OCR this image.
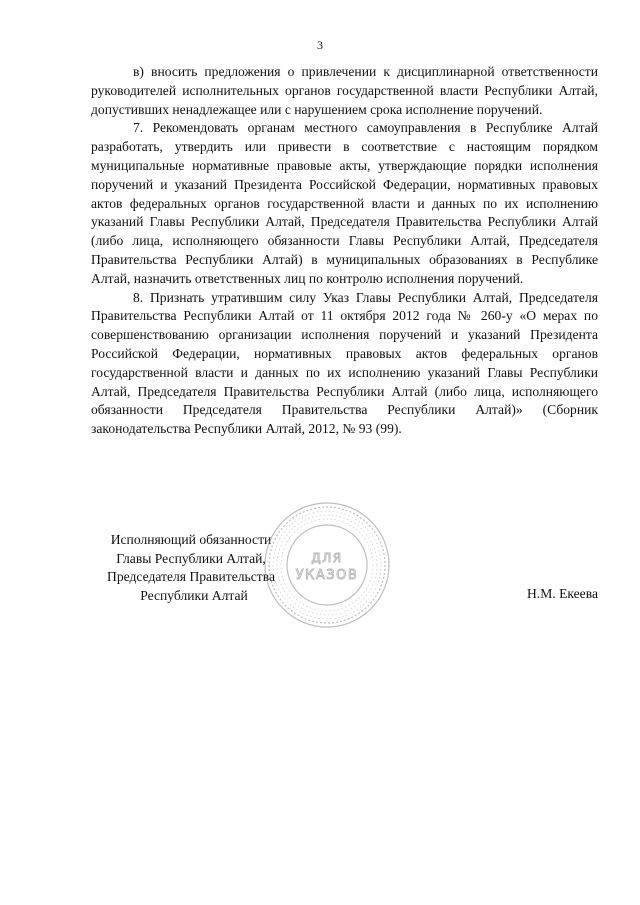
3

в) вносить предложения о привлечении к дисциплинарной ответственности руководителей исполнительных органов государственной власти Республики Алтай, допустивших ненадлежащее или с нарушением срока исполнение поручений.

7. Рекомендовать органам местного самоуправления в Республике Алтай разработать, утвердить или привести в соответствие с настоящим порядком муниципальные нормативные правовые акты, утверждающие порядки исполнения поручений и указаний Президента Российской Федерации, нормативных правовых актов федеральных органов государственной власти и данных по их исполнению указаний Главы Республики Алтай, Председателя Правительства Республики Алтай (либо лица, исполняющего обязанности Главы Республики Алтай, Председателя Правительства Республики Алтай) в муниципальных образованиях в Республике Алтай, назначить ответственных лиц по контролю исполнения поручений.

8. Признать утратившим силу Указ Главы Республики Алтай, Председателя Правительства Республики Алтай от 11 октября 2012 года № 260-у «О мерах по совершенствованию организации исполнения поручений и указаний Президента Российской Федерации, нормативных правовых актов федеральных органов государственной власти и данных по их исполнению указаний Главы Республики Алтай, Председателя Правительства Республики Алтай (либо лица, исполняющего обязанности Председателя Правительства Республики Алтай)» (Сборник законодательства Республики Алтай, 2012, № 93 (99).

Исполняющий обязанности
Главы Республики Алтай,
Председателя Правительства
Республики Алтай	Н.М. Екеева
ДЛЯ
УКАЗОВ
